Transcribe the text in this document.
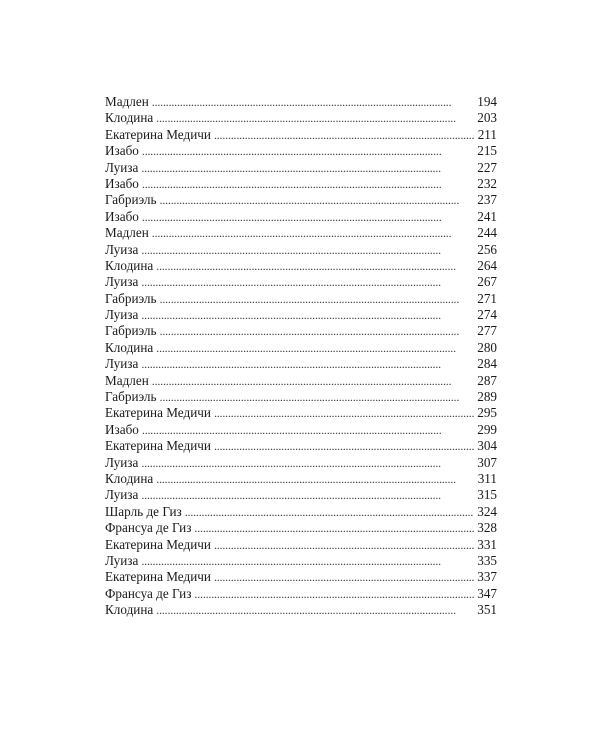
Мадлен . . .	194
Клодина . . .	203
Екатерина Медичи . . .	211
Изабо . . .	215
Луиза . . .	227
Изабо . . .	232
Габриэль . . .	237
Изабо . . .	241
Мадлен . . .	244
Луиза . . .	256
Клодина . . .	264
Луиза . . .	267
Габриэль . . .	271
Луиза . . .	274
Габриэль . . .	277
Клодина . . .	280
Луиза . . .	284
Мадлен . . .	287
Габриэль . . .	289
Екатерина Медичи . . .	295
Изабо . . .	299
Екатерина Медичи . . .	304
Луиза . . .	307
Клодина . . .	311
Луиза . . .	315
Шарль де Гиз . . .	324
Франсуа де Гиз . . .	328
Екатерина Медичи . . .	331
Луиза . . .	335
Екатерина Медичи . . .	337
Франсуа де Гиз . . .	347
Клодина . . .	351
